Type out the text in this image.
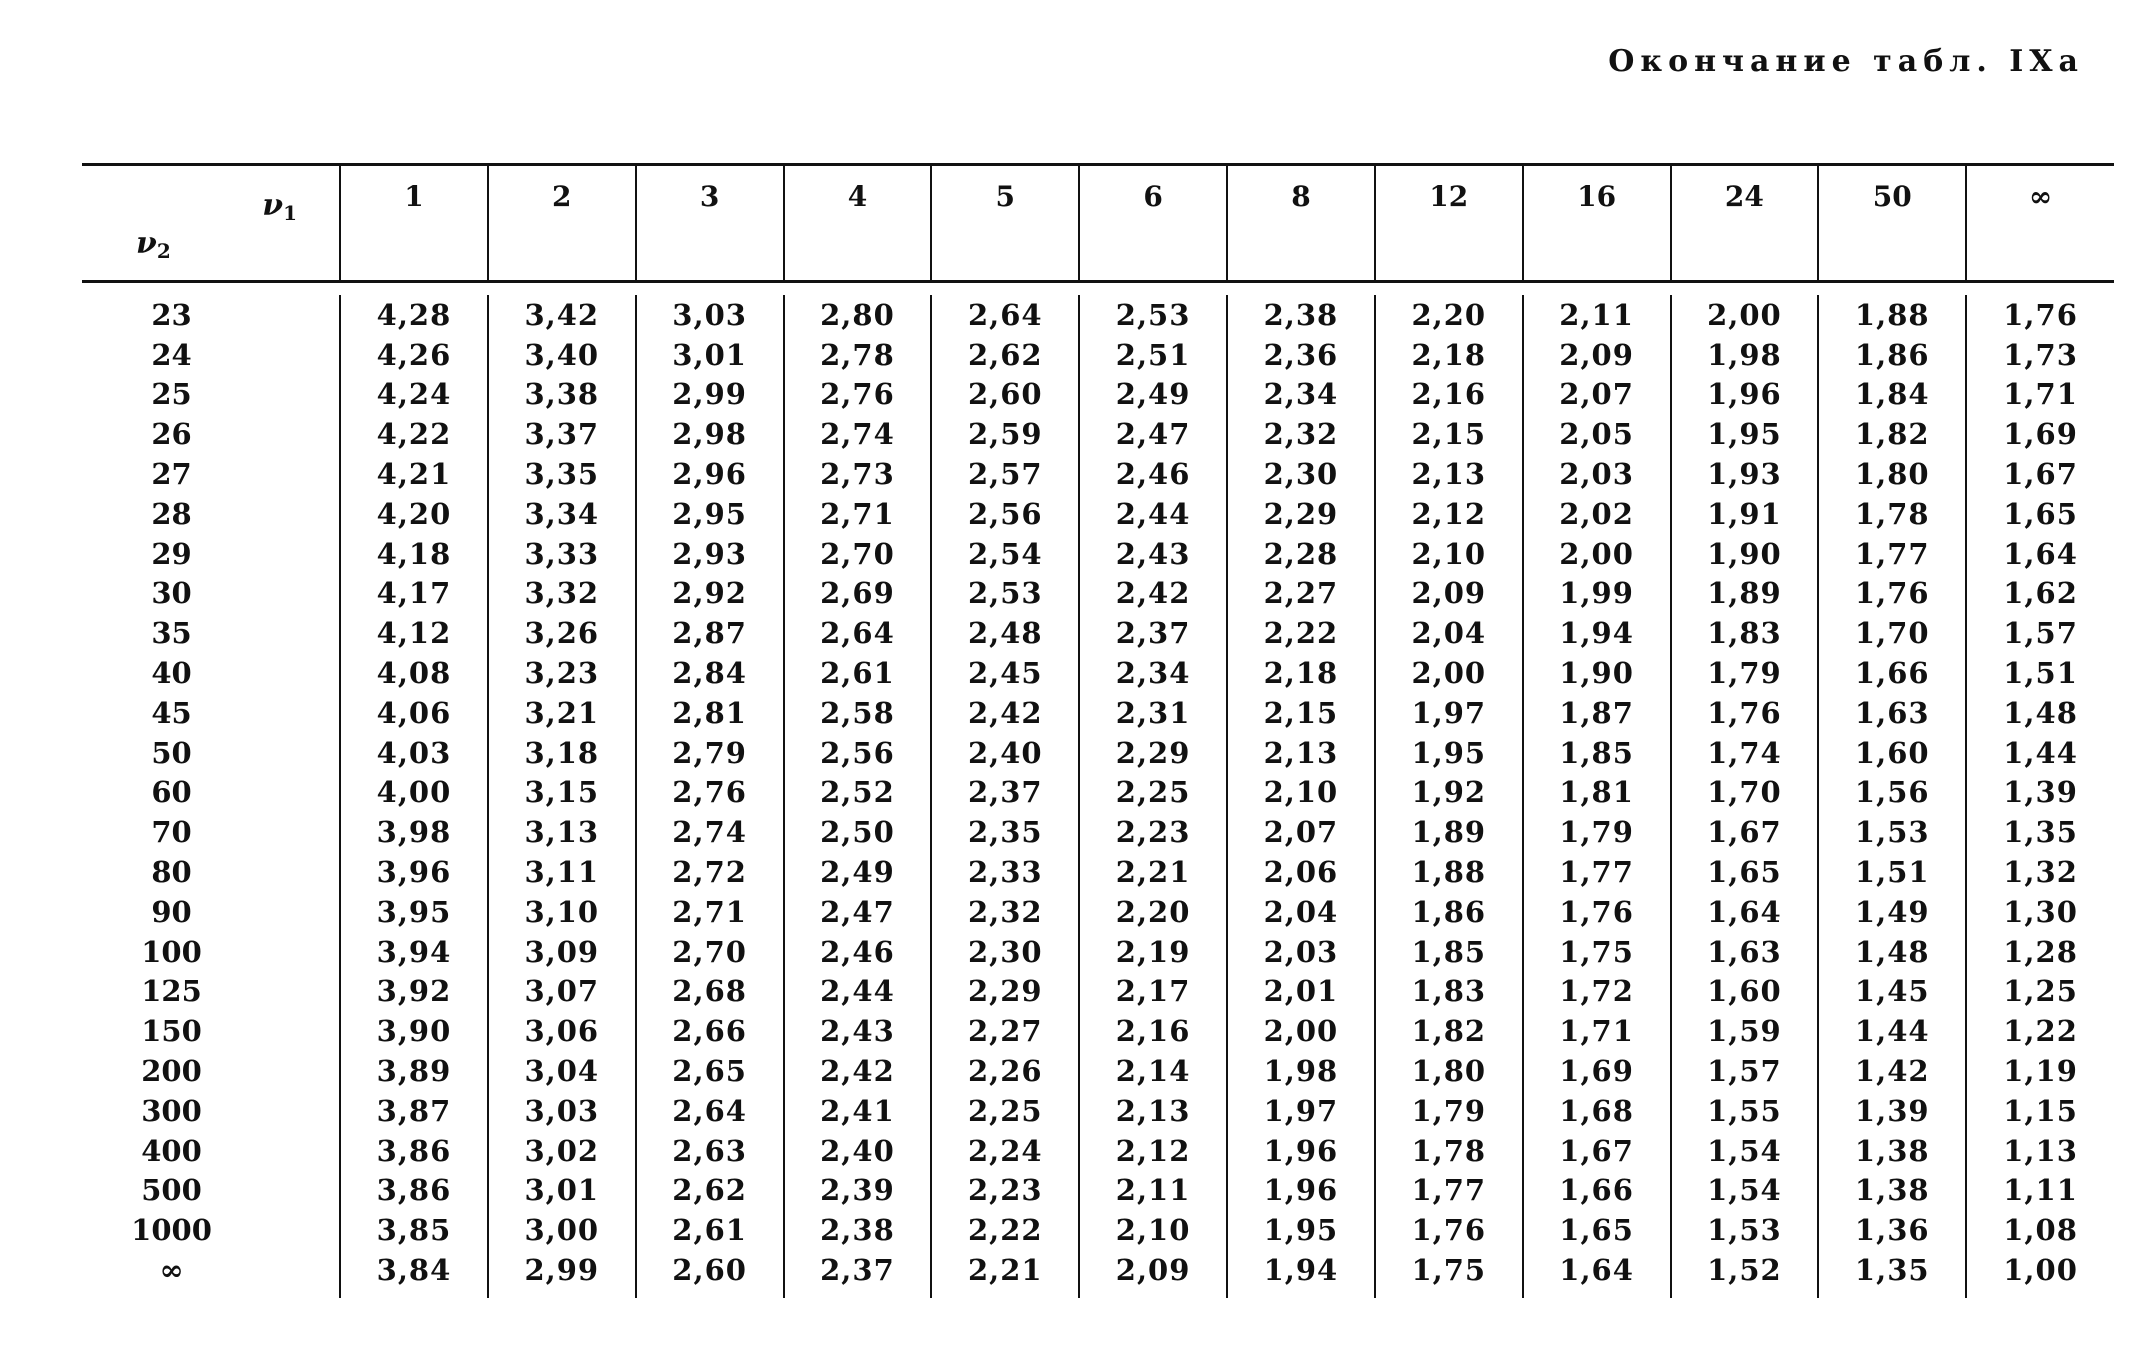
Окончание табл. IXa
$\nu_1$
$\nu_2$	1	2	3	4	5	6	8	12	16	24	50	∞

23	4,28	3,42	3,03	2,80	2,64	2,53	2,38	2,20	2,11	2,00	1,88	1,76
24	4,26	3,40	3,01	2,78	2,62	2,51	2,36	2,18	2,09	1,98	1,86	1,73
25	4,24	3,38	2,99	2,76	2,60	2,49	2,34	2,16	2,07	1,96	1,84	1,71
26	4,22	3,37	2,98	2,74	2,59	2,47	2,32	2,15	2,05	1,95	1,82	1,69
27	4,21	3,35	2,96	2,73	2,57	2,46	2,30	2,13	2,03	1,93	1,80	1,67
28	4,20	3,34	2,95	2,71	2,56	2,44	2,29	2,12	2,02	1,91	1,78	1,65
29	4,18	3,33	2,93	2,70	2,54	2,43	2,28	2,10	2,00	1,90	1,77	1,64
30	4,17	3,32	2,92	2,69	2,53	2,42	2,27	2,09	1,99	1,89	1,76	1,62
35	4,12	3,26	2,87	2,64	2,48	2,37	2,22	2,04	1,94	1,83	1,70	1,57
40	4,08	3,23	2,84	2,61	2,45	2,34	2,18	2,00	1,90	1,79	1,66	1,51
45	4,06	3,21	2,81	2,58	2,42	2,31	2,15	1,97	1,87	1,76	1,63	1,48
50	4,03	3,18	2,79	2,56	2,40	2,29	2,13	1,95	1,85	1,74	1,60	1,44
60	4,00	3,15	2,76	2,52	2,37	2,25	2,10	1,92	1,81	1,70	1,56	1,39
70	3,98	3,13	2,74	2,50	2,35	2,23	2,07	1,89	1,79	1,67	1,53	1,35
80	3,96	3,11	2,72	2,49	2,33	2,21	2,06	1,88	1,77	1,65	1,51	1,32
90	3,95	3,10	2,71	2,47	2,32	2,20	2,04	1,86	1,76	1,64	1,49	1,30
100	3,94	3,09	2,70	2,46	2,30	2,19	2,03	1,85	1,75	1,63	1,48	1,28
125	3,92	3,07	2,68	2,44	2,29	2,17	2,01	1,83	1,72	1,60	1,45	1,25
150	3,90	3,06	2,66	2,43	2,27	2,16	2,00	1,82	1,71	1,59	1,44	1,22
200	3,89	3,04	2,65	2,42	2,26	2,14	1,98	1,80	1,69	1,57	1,42	1,19
300	3,87	3,03	2,64	2,41	2,25	2,13	1,97	1,79	1,68	1,55	1,39	1,15
400	3,86	3,02	2,63	2,40	2,24	2,12	1,96	1,78	1,67	1,54	1,38	1,13
500	3,86	3,01	2,62	2,39	2,23	2,11	1,96	1,77	1,66	1,54	1,38	1,11
1000	3,85	3,00	2,61	2,38	2,22	2,10	1,95	1,76	1,65	1,53	1,36	1,08
∞	3,84	2,99	2,60	2,37	2,21	2,09	1,94	1,75	1,64	1,52	1,35	1,00
